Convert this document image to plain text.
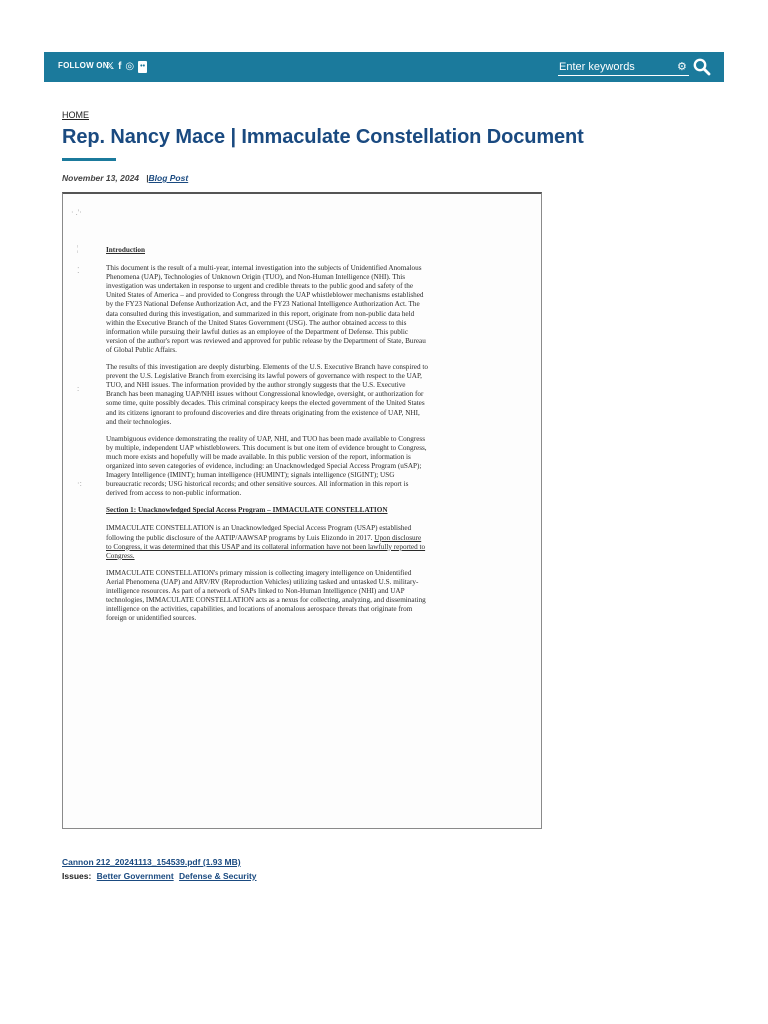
FOLLOW ON
𝕏 f ◎ ••
Enter keywords	⚙
HOME
Rep. Nancy Mace | Immaculate Constellation Document
November 13, 2024 |Blog Post
· .'·
¦
⁚
:
·:

Introduction

This document is the result of a multi-year, internal investigation into the subjects of Unidentified Anomalous Phenomena (UAP), Technologies of Unknown Origin (TUO), and Non-Human Intelligence (NHI). This investigation was undertaken in response to urgent and credible threats to the public good and safety of the United States of America – and provided to Congress through the UAP whistleblower mechanisms established by the FY23 National Defense Authorization Act, and the FY23 National Intelligence Authorization Act. The data consulted during this investigation, and summarized in this report, originate from non-public data held within the Executive Branch of the United States Government (USG). The author obtained access to this information while pursuing their lawful duties as an employee of the Department of Defense. This public version of the author's report was reviewed and approved for public release by the Department of State, Bureau of Global Public Affairs.

The results of this investigation are deeply disturbing. Elements of the U.S. Executive Branch have conspired to prevent the U.S. Legislative Branch from exercising its lawful powers of governance with respect to the UAP, TUO, and NHI issues. The information provided by the author strongly suggests that the U.S. Executive Branch has been managing UAP/NHI issues without Congressional knowledge, oversight, or authorization for some time, quite possibly decades. This criminal conspiracy keeps the elected government of the United States and its citizens ignorant to profound discoveries and dire threats originating from the existence of UAP, NHI, and their technologies.

Unambiguous evidence demonstrating the reality of UAP, NHI, and TUO has been made available to Congress by multiple, independent UAP whistleblowers. This document is but one item of evidence brought to Congress, much more exists and hopefully will be made available. In this public version of the report, information is organized into seven categories of evidence, including: an Unacknowledged Special Access Program (uSAP); Imagery Intelligence (IMINT); human intelligence (HUMINT); signals intelligence (SIGINT); USG bureaucratic records; USG historical records; and other sensitive sources. All information in this report is derived from access to non-public information.

Section 1: Unacknowledged Special Access Program – IMMACULATE CONSTELLATION

IMMACULATE CONSTELLATION is an Unacknowledged Special Access Program (USAP) established following the public disclosure of the AATIP/AAWSAP programs by Luis Elizondo in 2017. Upon disclosure to Congress, it was determined that this USAP and its collateral information have not been lawfully reported to Congress.

IMMACULATE CONSTELLATION's primary mission is collecting imagery intelligence on Unidentified Aerial Phenomena (UAP) and ARV/RV (Reproduction Vehicles) utilizing tasked and untasked U.S. military-intelligence resources. As part of a network of SAPs linked to Non-Human Intelligence (NHI) and UAP technologies, IMMACULATE CONSTELLATION acts as a nexus for collecting, analyzing, and disseminating intelligence on the activities, capabilities, and locations of anomalous aerospace threats that originate from foreign or unidentified sources.

Cannon 212_20241113_154539.pdf (1.93 MB)
Issues: Better Government Defense & Security
